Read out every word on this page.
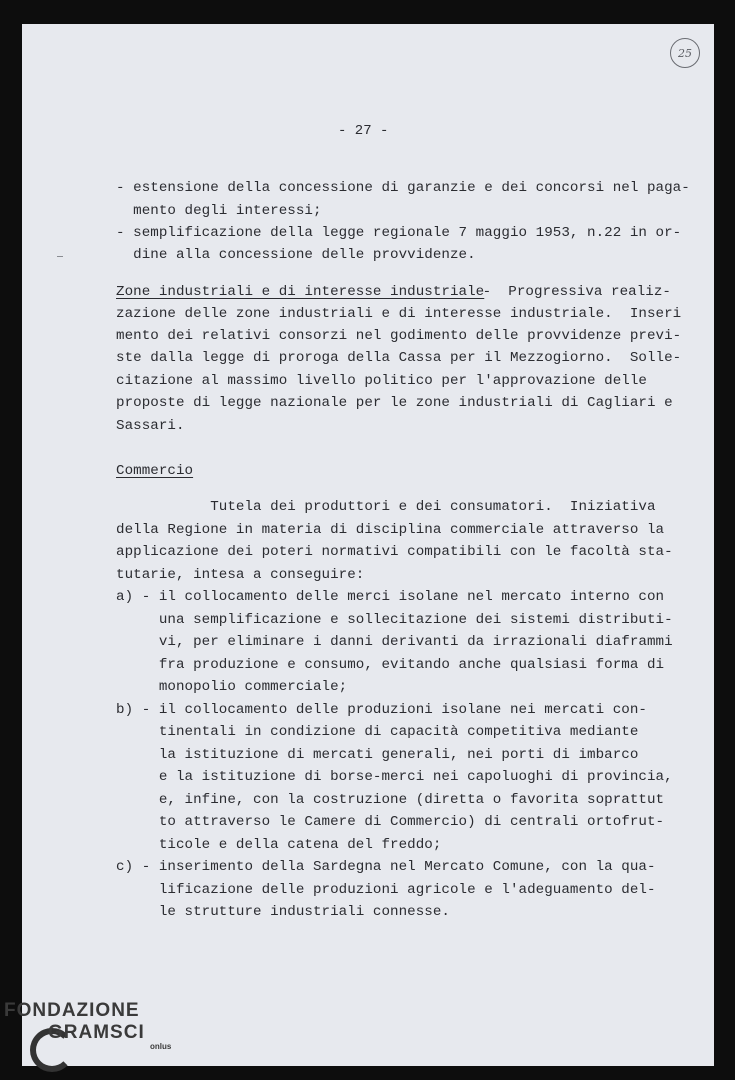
25
- 27 -
- estensione della concessione di garanzie e dei concorsi nel paga-
mento degli interessi;
- semplificazione della legge regionale 7 maggio 1953, n.22 in or-
dine alla concessione delle provvidenze.
Zone industriali e di interesse industriale
-  Progressiva realiz-
zazione delle zone industriali e di interesse industriale.  Inseri
mento dei relativi consorzi nel godimento delle provvidenze previ-
ste dalla legge di proroga della Cassa per il Mezzogiorno.  Solle-
citazione al massimo livello politico per l'approvazione delle
proposte di legge nazionale per le zone industriali di Cagliari e
Sassari.
Commercio
Tutela dei produttori e dei consumatori.  Iniziativa
della Regione in materia di disciplina commerciale attraverso la
applicazione dei poteri normativi compatibili con le facoltà sta-
tutarie, intesa a conseguire:
a) - il collocamento delle merci isolane nel mercato interno con
una semplificazione e sollecitazione dei sistemi distributi-
vi, per eliminare i danni derivanti da irrazionali diaframmi
fra produzione e consumo, evitando anche qualsiasi forma di
monopolio commerciale;
b) - il collocamento delle produzioni isolane nei mercati con-
tinentali in condizione di capacità competitiva mediante
la istituzione di mercati generali, nei porti di imbarco
e la istituzione di borse-merci nei capoluoghi di provincia,
e, infine, con la costruzione (diretta o favorita soprattut
to attraverso le Camere di Commercio) di centrali ortofrut-
ticole e della catena del freddo;
c) - inserimento della Sardegna nel Mercato Comune, con la qua-
lificazione delle produzioni agricole e l'adeguamento del-
le strutture industriali connesse.
FONDAZIONE
GRAMSCI
onlus
